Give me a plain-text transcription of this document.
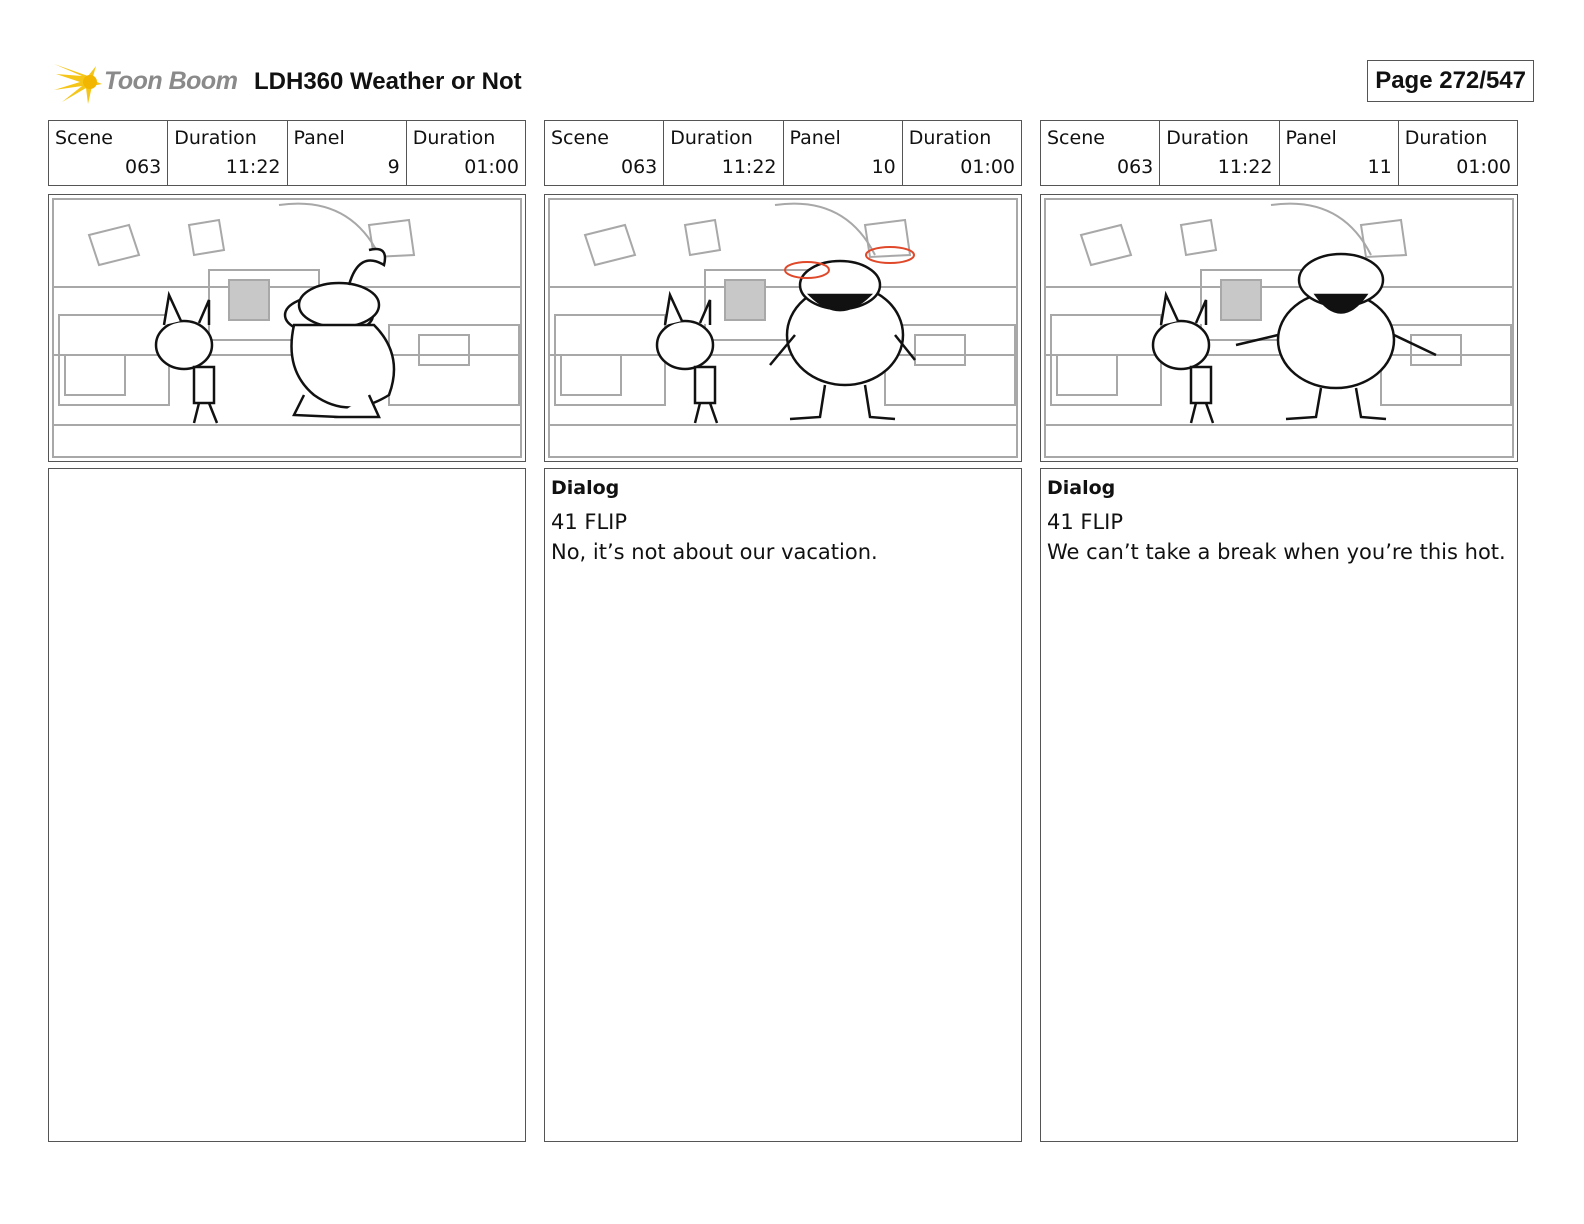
Toon Boom LDH360 Weather or Not	Page 272/547
Scene
063
Duration
11:22
Panel
9
Duration
01:00
Scene
063
Duration
11:22
Panel
10
Duration
01:00
Dialog
41 FLIP
No, it’s not about our vacation.
Scene
063
Duration
11:22
Panel
11
Duration
01:00
Dialog
41 FLIP
We can’t take a break when you’re this hot.
